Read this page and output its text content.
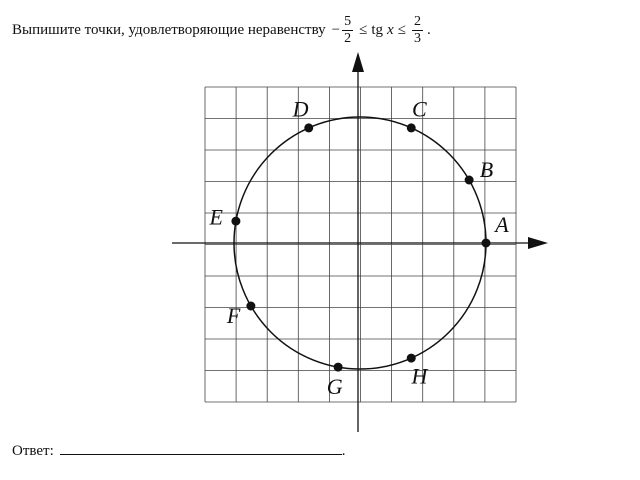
Выпишите точки, удовлетворяющие неравенству − $\frac{5}{2}$ ≤ tg $x \le \frac{2}{3}$ .
A
B
C
D
E
F
G	H
Ответ:	.
